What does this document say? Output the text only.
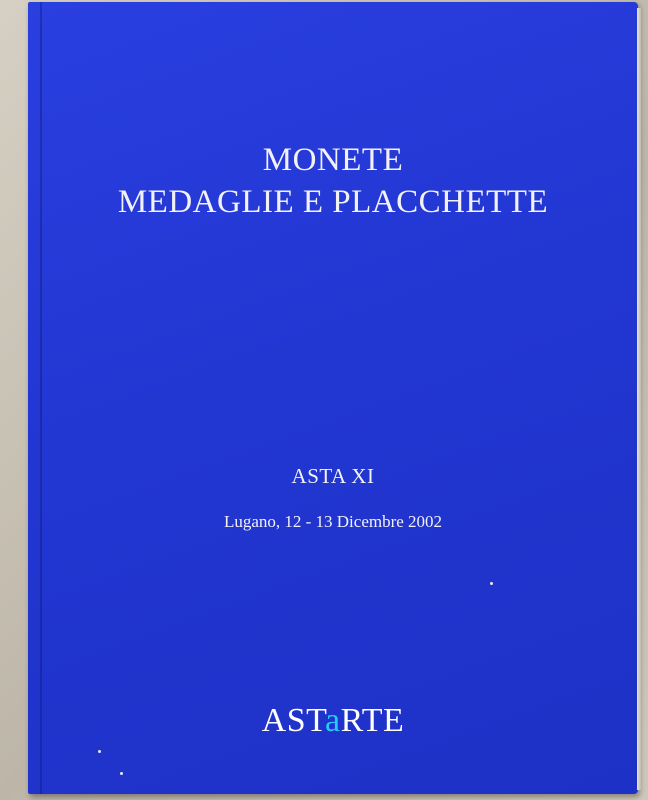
MONETE
MEDAGLIE E PLACCHETTE
ASTA XI
Lugano, 12 - 13 Dicembre 2002
ASTaRTE
